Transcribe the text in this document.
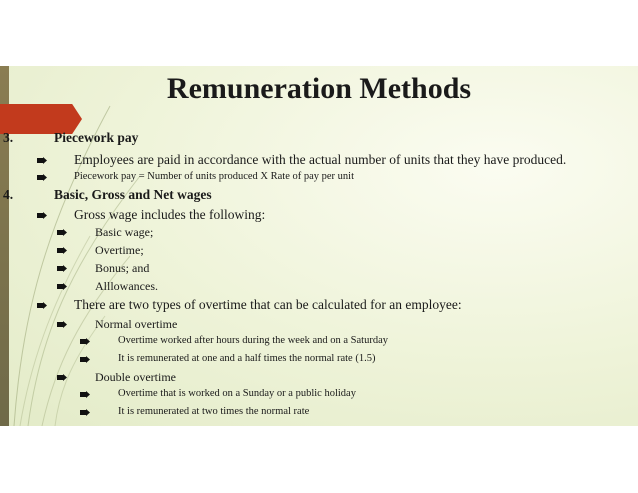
Remuneration Methods
3.	Piecework pay
Employees are paid in accordance with the actual number of units that they have produced.
Piecework pay = Number of units produced X Rate of pay per unit
4.	Basic, Gross and Net wages
Gross wage includes the following:
Basic wage;
Overtime;
Bonus; and
Alllowances.
There are two types of overtime that can be calculated for an employee:
Normal overtime
Overtime worked after hours during the week and on a Saturday
It is remunerated at one and a half times the normal rate (1.5)
Double overtime
Overtime that is worked on a Sunday or a public holiday
It is remunerated at two times the normal rate
